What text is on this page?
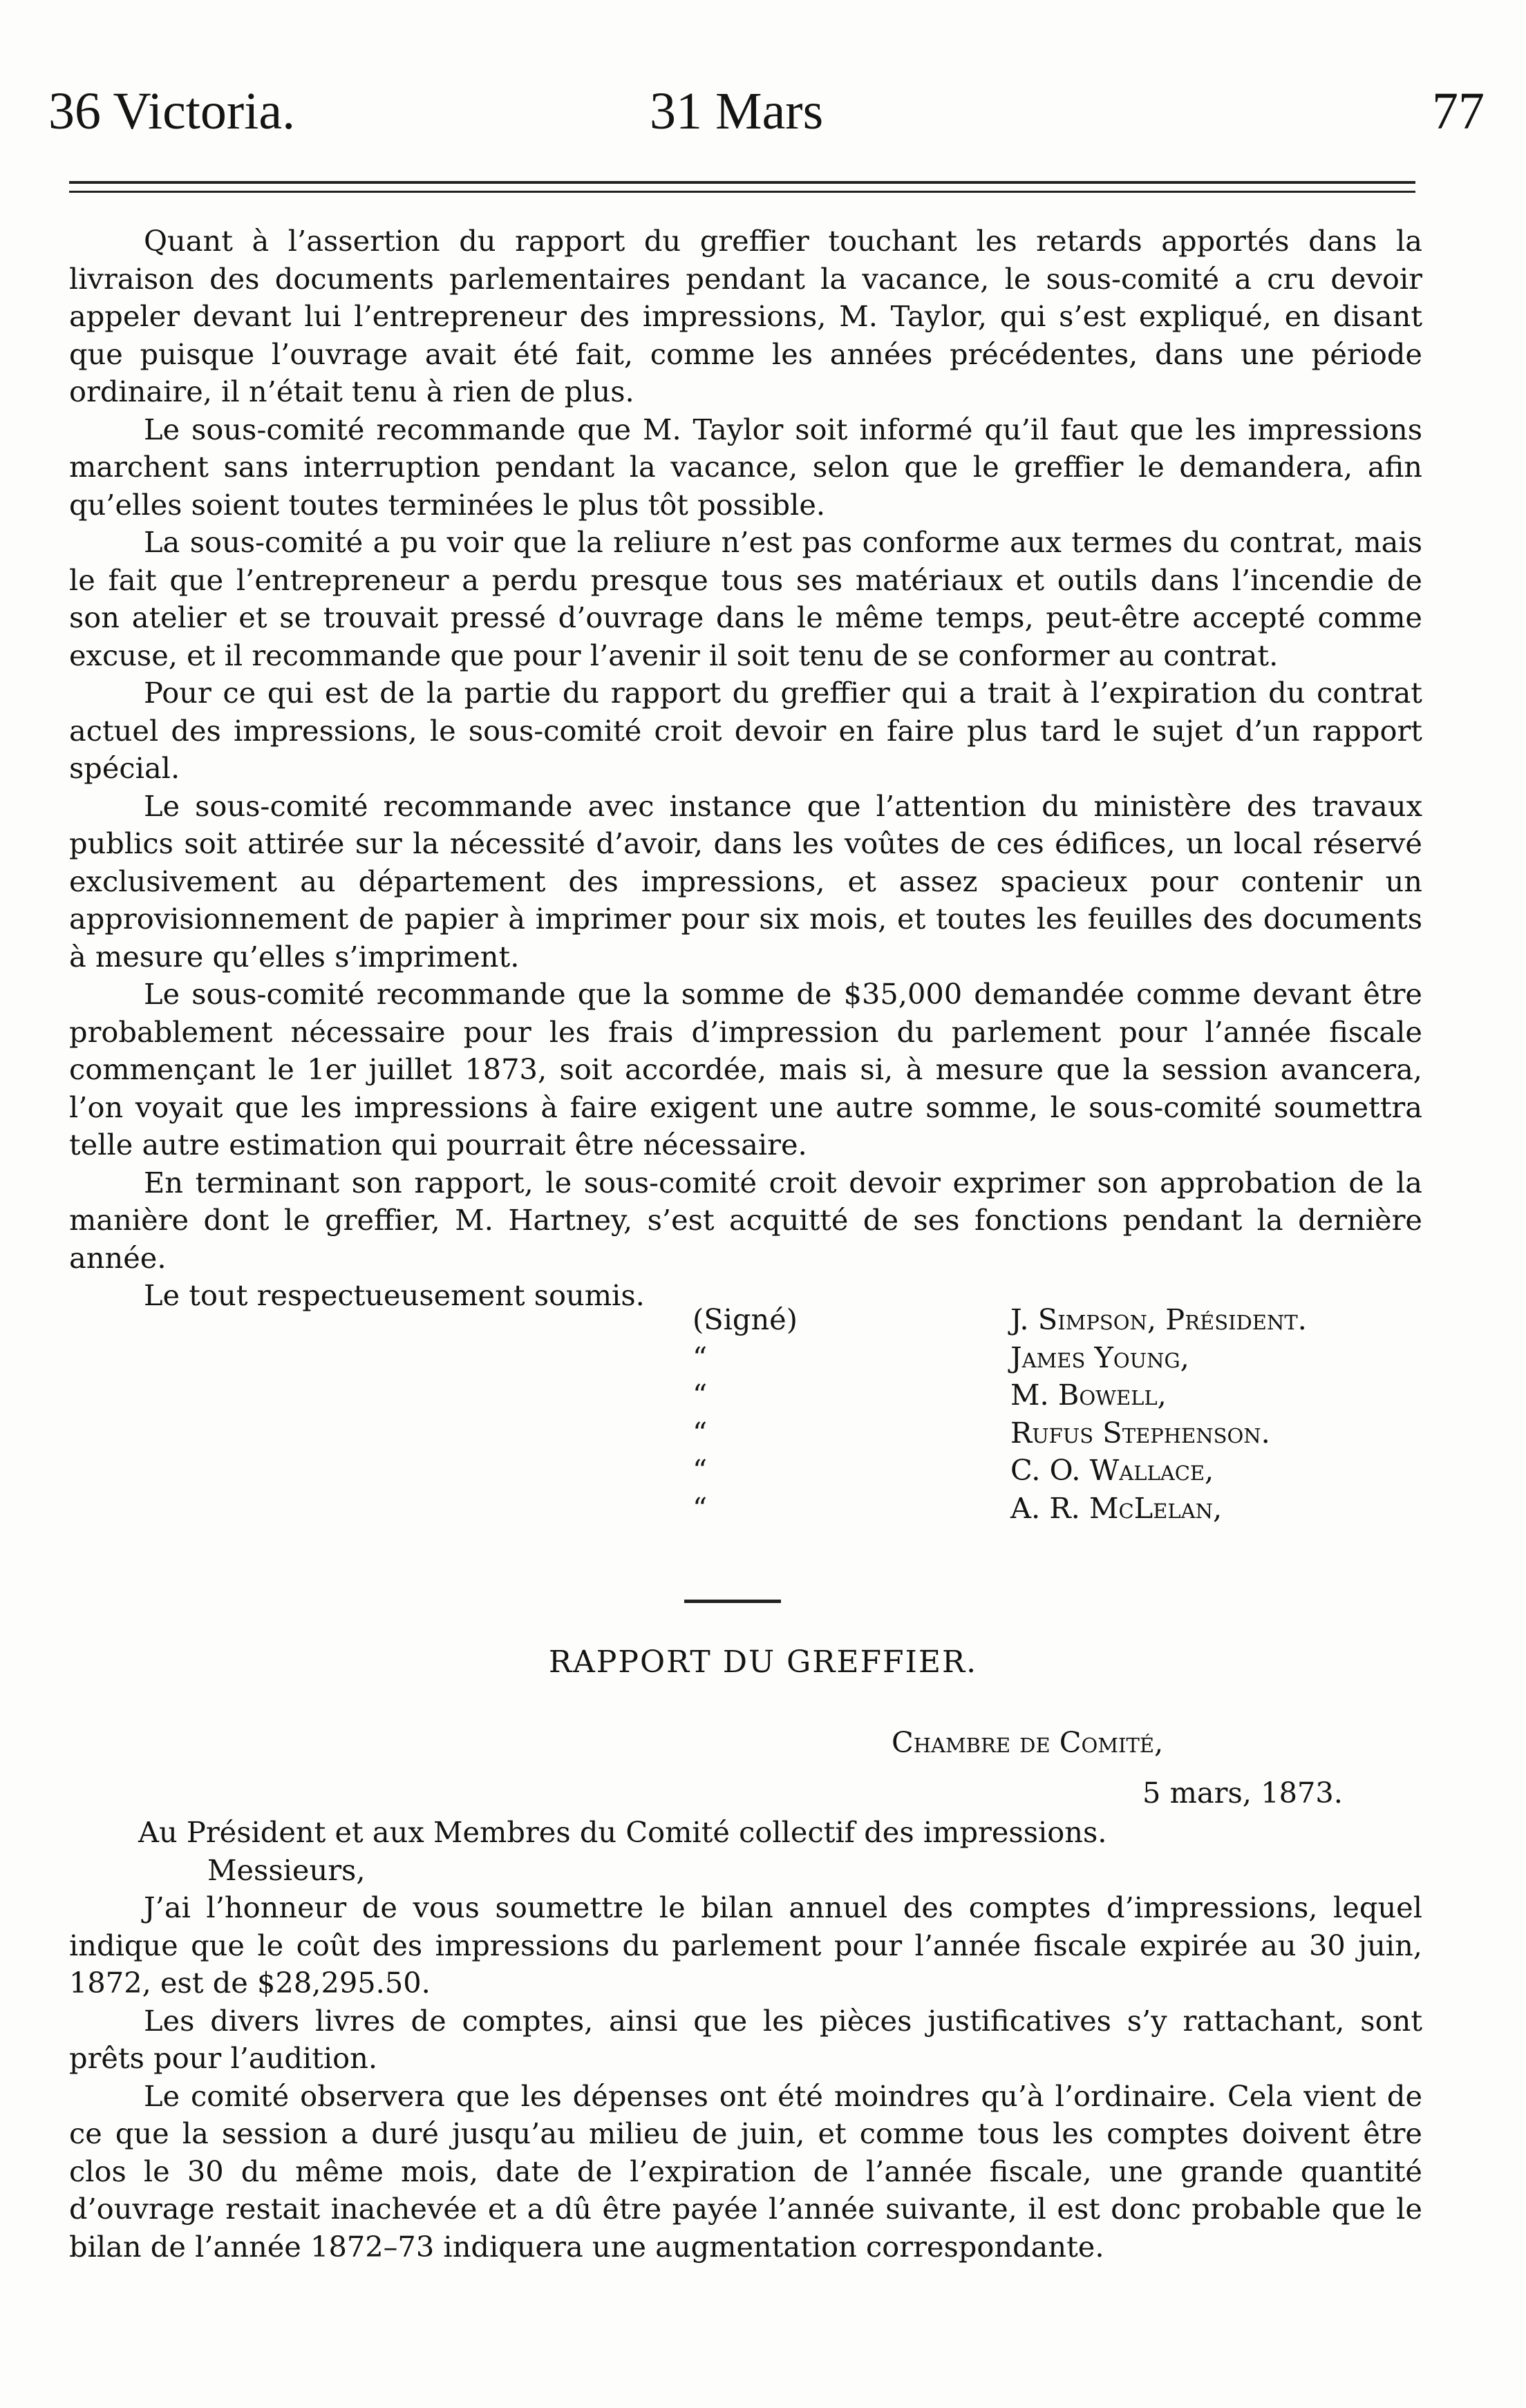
36 Victoria.	31 Mars	77

Quant à l’assertion du rapport du greffier touchant les retards apportés dans la livraison des documents parlementaires pendant la vacance, le sous-comité a cru devoir appeler devant lui l’entrepreneur des impressions, M. Taylor, qui s’est expliqué, en disant que puisque l’ouvrage avait été fait, comme les années précédentes, dans une période ordinaire, il n’était tenu à rien de plus.

Le sous-comité recommande que M. Taylor soit informé qu’il faut que les impressions marchent sans interruption pendant la vacance, selon que le greffier le demandera, afin qu’elles soient toutes terminées le plus tôt possible.

La sous-comité a pu voir que la reliure n’est pas conforme aux termes du contrat, mais le fait que l’entrepreneur a perdu presque tous ses matériaux et outils dans l’incendie de son atelier et se trouvait pressé d’ouvrage dans le même temps, peut-être accepté comme excuse, et il recommande que pour l’avenir il soit tenu de se conformer au contrat.

Pour ce qui est de la partie du rapport du greffier qui a trait à l’expiration du contrat actuel des impressions, le sous-comité croit devoir en faire plus tard le sujet d’un rapport spécial.

Le sous-comité recommande avec instance que l’attention du ministère des travaux publics soit attirée sur la nécessité d’avoir, dans les voûtes de ces édifices, un local réservé exclusivement au département des impressions, et assez spacieux pour contenir un approvisionnement de papier à imprimer pour six mois, et toutes les feuilles des documents à mesure qu’elles s’impriment.

Le sous-comité recommande que la somme de $35,000 demandée comme devant être probablement nécessaire pour les frais d’impression du parlement pour l’année fiscale commençant le 1er juillet 1873, soit accordée, mais si, à mesure que la session avancera, l’on voyait que les impressions à faire exigent une autre somme, le sous-comité soumettra telle autre estimation qui pourrait être nécessaire.

En terminant son rapport, le sous-comité croit devoir exprimer son approbation de la manière dont le greffier, M. Hartney, s’est acquitté de ses fonctions pendant la dernière année.

Le tout respectueusement soumis.

(Signé)	J. Simpson, Président.
“	James Young,
“	M. Bowell,
“	Rufus Stephenson.
“	C. O. Wallace,
“	A. R. McLelan,
RAPPORT DU GREFFIER.
Chambre de Comité,
5 mars, 1873.

Au Président et aux Membres du Comité collectif des impressions.

Messieurs,

J’ai l’honneur de vous soumettre le bilan annuel des comptes d’impressions, lequel indique que le coût des impressions du parlement pour l’année fiscale expirée au 30 juin, 1872, est de $28,295.50.

Les divers livres de comptes, ainsi que les pièces justificatives s’y rattachant, sont prêts pour l’audition.

Le comité observera que les dépenses ont été moindres qu’à l’ordinaire. Cela vient de ce que la session a duré jusqu’au milieu de juin, et comme tous les comptes doivent être clos le 30 du même mois, date de l’expiration de l’année fiscale, une grande quantité d’ouvrage restait inachevée et a dû être payée l’année suivante, il est donc probable que le bilan de l’année 1872–73 indiquera une augmentation correspondante.
